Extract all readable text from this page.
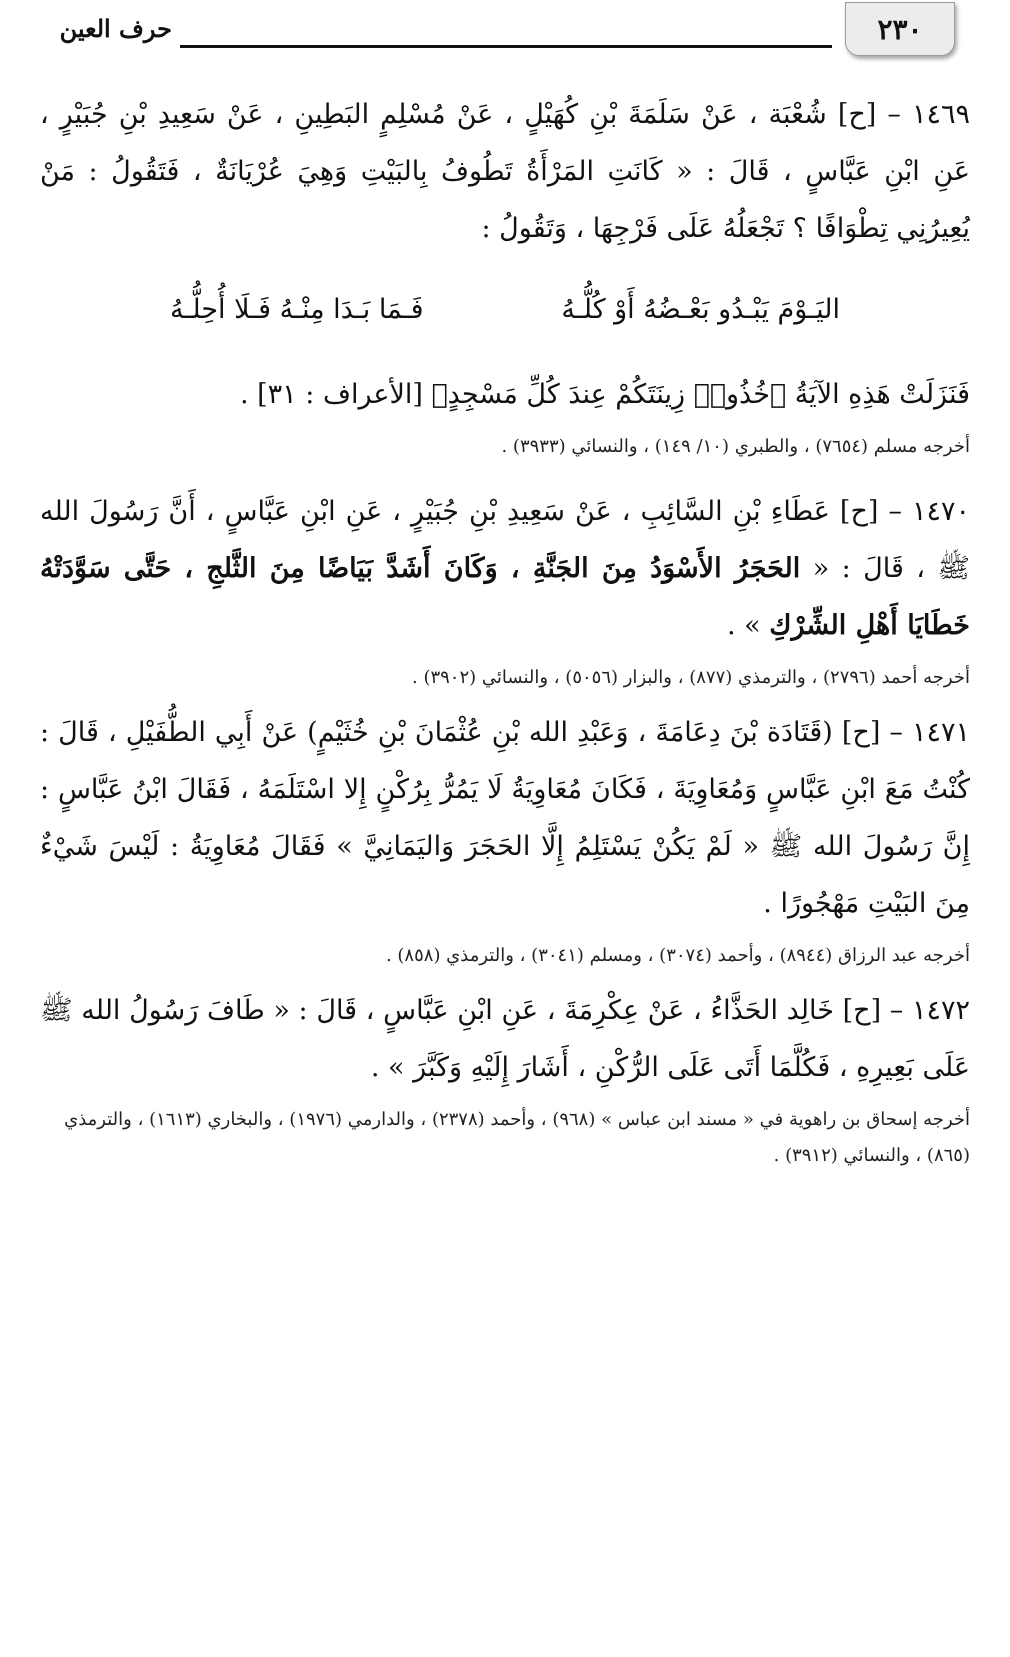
٢٣٠
حرف العين

١٤٦٩ – [ح] شُعْبَة ، عَنْ سَلَمَةَ بْنِ كُهَيْلٍ ، عَنْ مُسْلِمٍ البَطِينِ ، عَنْ سَعِيدِ بْنِ جُبَيْرٍ ، عَنِ ابْنِ عَبَّاسٍ ، قَالَ : « كَانَتِ المَرْأَةُ تَطُوفُ بِالبَيْتِ وَهِيَ عُرْيَانَةٌ ، فَتَقُولُ : مَنْ يُعِيرُنِي تِطْوَافًا ؟ تَجْعَلُهُ عَلَى فَرْجِهَا ، وَتَقُولُ :

اليَـوْمَ يَبْـدُو بَعْـضُهُ أَوْ كُلُّـهُ
فَـمَا بَـدَا مِنْـهُ فَـلَا أُحِلُّـهُ

فَنَزَلَتْ هَذِهِ الآيَةُ ﴿خُذُوا۟ زِينَتَكُمْ عِندَ كُلِّ مَسْجِدٍ﴾ [الأعراف : ٣١] .

أخرجه مسلم (٧٦٥٤) ، والطبري (١٠/ ١٤٩) ، والنسائي (٣٩٣٣) .

١٤٧٠ – [ح] عَطَاءِ بْنِ السَّائِبِ ، عَنْ سَعِيدِ بْنِ جُبَيْرٍ ، عَنِ ابْنِ عَبَّاسٍ ، أَنَّ رَسُولَ الله ﷺ ، قَالَ : « الحَجَرُ الأَسْوَدُ مِنَ الجَنَّةِ ، وَكَانَ أَشَدَّ بَيَاضًا مِنَ الثَّلجِ ، حَتَّى سَوَّدَتْهُ خَطَايَا أَهْلِ الشِّرْكِ » .

أخرجه أحمد (٢٧٩٦) ، والترمذي (٨٧٧) ، والبزار (٥٠٥٦) ، والنسائي (٣٩٠٢) .

١٤٧١ – [ح] (قَتَادَة بْنَ دِعَامَةَ ، وَعَبْدِ الله بْنِ عُثْمَانَ بْنِ خُثَيْمٍ) عَنْ أَبِي الطُّفَيْلِ ، قَالَ : كُنْتُ مَعَ ابْنِ عَبَّاسٍ وَمُعَاوِيَةَ ، فَكَانَ مُعَاوِيَةُ لَا يَمُرُّ بِرُكْنٍ إِلا اسْتَلَمَهُ ، فَقَالَ ابْنُ عَبَّاسٍ : إِنَّ رَسُولَ الله ﷺ « لَمْ يَكُنْ يَسْتَلِمُ إِلَّا الحَجَرَ وَاليَمَانِيَّ » فَقَالَ مُعَاوِيَةُ : لَيْسَ شَيْءٌ مِنَ البَيْتِ مَهْجُورًا .

أخرجه عبد الرزاق (٨٩٤٤) ، وأحمد (٣٠٧٤) ، ومسلم (٣٠٤١) ، والترمذي (٨٥٨) .

١٤٧٢ – [ح] خَالِد الحَذَّاءُ ، عَنْ عِكْرِمَةَ ، عَنِ ابْنِ عَبَّاسٍ ، قَالَ : « طَافَ رَسُولُ الله ﷺ عَلَى بَعِيرِهِ ، فَكُلَّمَا أَتَى عَلَى الرُّكْنِ ، أَشَارَ إِلَيْهِ وَكَبَّرَ » .

أخرجه إسحاق بن راهوية في « مسند ابن عباس » (٩٦٨) ، وأحمد (٢٣٧٨) ، والدارمي (١٩٧٦) ، والبخاري (١٦١٣) ، والترمذي (٨٦٥) ، والنسائي (٣٩١٢) .
